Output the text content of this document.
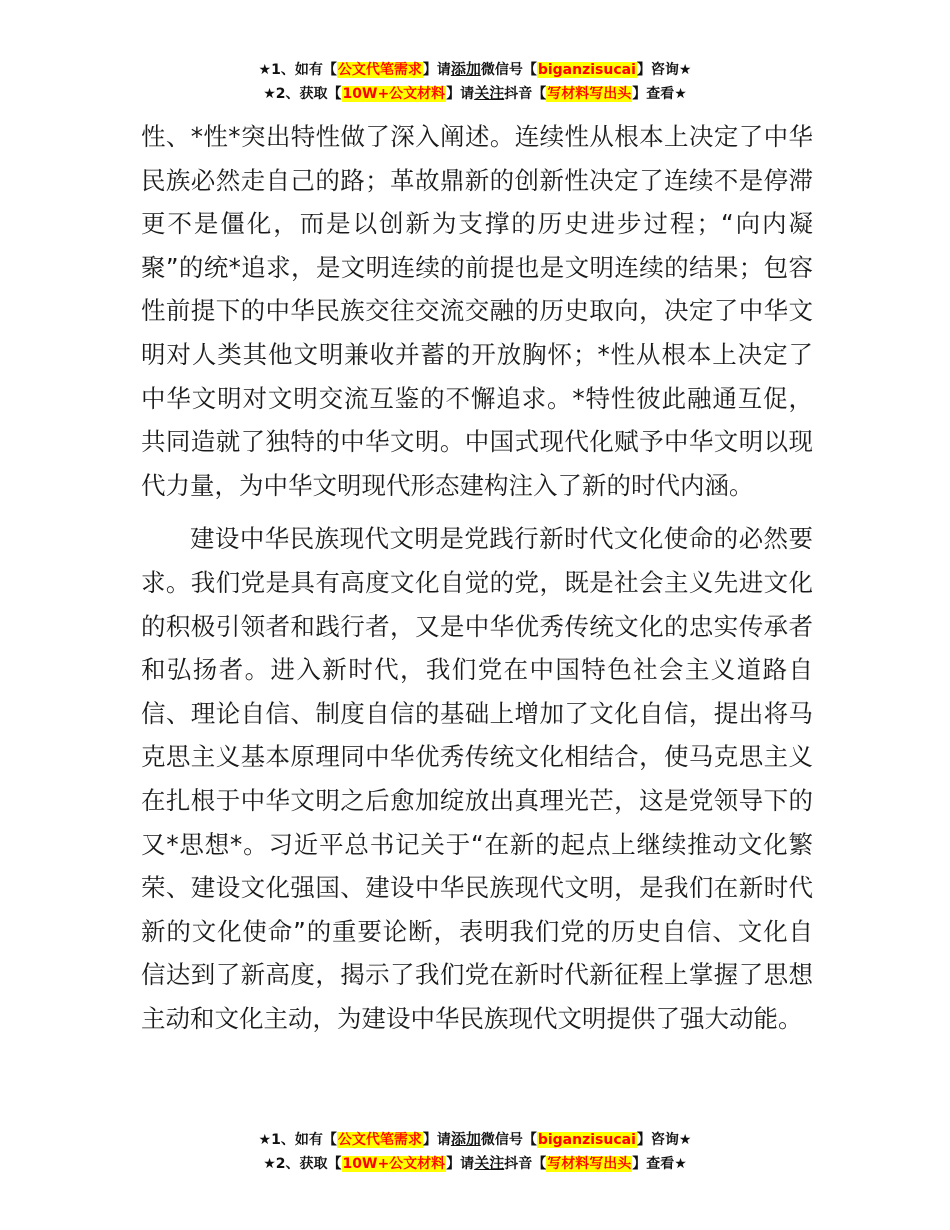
★1、如有【公文代笔需求】请添加微信号【biganzisucai】咨询★
★2、获取【10W+公文材料】请关注抖音【写材料写出头】查看★

性、*性*突出特性做了深入阐述。连续性从根本上决定了中华民族必然走自己的路；革故鼎新的创新性决定了连续不是停滞更不是僵化，而是以创新为支撑的历史进步过程；“向内凝聚”的统*追求，是文明连续的前提也是文明连续的结果；包容性前提下的中华民族交往交流交融的历史取向，决定了中华文明对人类其他文明兼收并蓄的开放胸怀；*性从根本上决定了中华文明对文明交流互鉴的不懈追求。*特性彼此融通互促，共同造就了独特的中华文明。中国式现代化赋予中华文明以现代力量，为中华文明现代形态建构注入了新的时代内涵。

建设中华民族现代文明是党践行新时代文化使命的必然要求。我们党是具有高度文化自觉的党，既是社会主义先进文化的积极引领者和践行者，又是中华优秀传统文化的忠实传承者和弘扬者。进入新时代，我们党在中国特色社会主义道路自信、理论自信、制度自信的基础上增加了文化自信，提出将马克思主义基本原理同中华优秀传统文化相结合，使马克思主义在扎根于中华文明之后愈加绽放出真理光芒，这是党领导下的又*思想*。习近平总书记关于“在新的起点上继续推动文化繁荣、建设文化强国、建设中华民族现代文明，是我们在新时代新的文化使命”的重要论断，表明我们党的历史自信、文化自信达到了新高度，揭示了我们党在新时代新征程上掌握了思想主动和文化主动，为建设中华民族现代文明提供了强大动能。

★1、如有【公文代笔需求】请添加微信号【biganzisucai】咨询★
★2、获取【10W+公文材料】请关注抖音【写材料写出头】查看★
